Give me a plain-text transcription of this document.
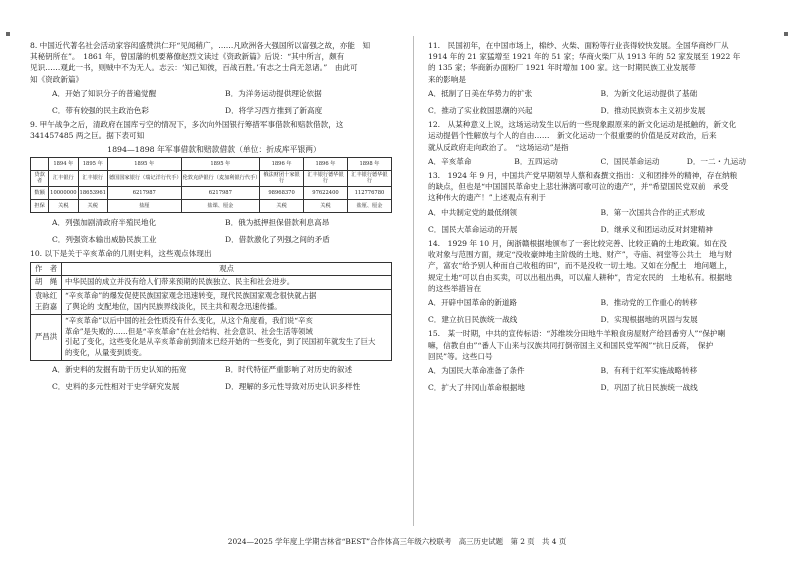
8. 中国近代著名社会活动家容闳盛赞洪仁玕“见闻稍广，……凡欧洲各大强国所以富强之故，亦能　知
其秘钥所在”。　1861 年，曾国藩的机要幕僚赵烈文读过《资政新篇》后说：“其中所言，颇有
见识……观此一书，则贼中不为无人。志云：‘知己知彼，百战百胜。’有志之士尚无忽诸。”　由此可
知《资政新篇》
A．开始了知识分子的普遍觉醒	B．为洋务运动提供理论依据
C．带有较强的民主政治色彩	D．将学习西方推到了新高度
9. 甲午战争之后，清政府在国库亏空的情况下，多次向外国银行筹措军事借款和赔款借款，这
341457485 两之巨。据下表可知
1894—1898 年军事借款和赔款借款（单位：折成库平银两）
	1894 年	1895 年	1895 年	1895 年	1896 年	1896 年	1898 年
贷款者	汇丰银行	汇丰银行	德国国家银行（瑞记洋行代手）	伦敦克萨银行（麦加利银行代手）	俄法财团十家银行	汇丰银行德华银行	汇丰银行德华银行
数额	10000000	18653961	6217987	6217987	98968370	97622400	112776780
担保	关税	关税	盐厘	盐课、厘金	关税	关税	盐厘、厘金
A．列强加剧清政府半殖民地化	B．俄为抵押担保借款利息高昂
C．列强资本输出威胁民族工业	D．借款激化了列强之间的矛盾
10. 以下是关于辛亥革命的几则史料，这些观点体现出
作　者	观点
胡　绳	中华民国的成立并没有给人们带来预期的民族独立、民主和社会进步。

袁咏红王韵嘉	“辛亥革命”的爆发促使民族国家观念迅速转变，现代民族国家观念很快就占据
了舆论的 支配地位，国内民族界线淡化，民主共和观念迅速传播。

严昌洪	“辛亥革命”以后中国的社会性质没有什么变化，从这个角度看，我们说“辛亥
革命”是失败的……但是“辛亥革命”在社会结构、社会意识、社会生活等领域
引起了变化，这些变化是从辛亥革命前到清末已经开始的一些变化，到了民国初年就发生了巨大
的变化，从量变到质变。
A．新史料的发掘有助于历史认知的拓宽	B．时代特征严重影响了对历史的叙述
C．史料的多元性相对于史学研究发展	D．理解的多元性导致对历史认识多样性
11.　民国初年，在中国市场上，棉纱、火柴、面粉等行业丧得较快发展。全国华商纱厂从
1914 年的 21 家猛增至 1921 年的 51 家；华商火柴厂从 1913 年的 52 家发展至 1922 年
的 135 家；华商新办面粉厂 1921 年时增加 100 家。这一时期民族工业发展带
来的影响是
A．抵制了日美在华势力的扩张	B．为新文化运动提供了基础
C．推动了实业救国思潮的兴起	D．推动民族资本主义初步发展
12.　从某种意义上说，这场运动发生以后的一些现象跟原来的新文化运动是抵触的，新文化
运动提倡个性解放与个人的自由……　新文化运动一个很重要的价值是反对政治，后来
就从反政府走向政治了。　“这场运动”是指
A．辛亥革命	B．五四运动	C．国民革命运动	D．一二・九运动
13.　1924 年 9 月，中国共产党早期领导人蔡和森撰文指出：义和团排外的精神，存在纳粮
的缺点，但也是“中国国民革命史上悲壮淋漓可歌可泣的遗产”，并“希望国民党双前　承受
这种伟大的遗产！”上述观点有利于
A．中共制定党的最低纲领	B．第一次国共合作的正式形成
C．国民大革命运动的开展	D．继承义和团运动反对封建精神
14.　1929 年 10 月，闽浙赣根据地颁布了一套比较完善、比较正确的土地政策。如在没
收对象与范围方面，规定“没收豪绅地主阶级的土地、财产”，寺庙、祠堂等公共土　地与财
产，富农“给予别人种而自己收租的田”，而不是没收一切土地。又如在分配土　地问题上，
规定土地“可以自由买卖，可以出租出典，可以雇人耕种”，肯定农民的　土地私有。根据地
的这些举措旨在
A．开辟中国革命的新道路	B．推动党的工作重心的转移
C．建立抗日民族统一战线	D．实现根据地的巩固与发展
15.　某一时期，中共的宣传标语：“苏维埃分田地牛羊粮食房屋财产给回番穷人”“保护喇
嘛，信教自由”“番人下山来与汉族共同打倒帝国主义和国民党军阀”“抗日反蒋，　保护
回民”等。这些口号
A．为国民大革命准备了条件	B．有利于红军实施战略转移
C．扩大了井冈山革命根据地	D．巩固了抗日民族统一战线
2024—2025 学年度上学期吉林省“BEST”合作体高三年级六校联考　高三历史试题　第 2 页　共 4 页
